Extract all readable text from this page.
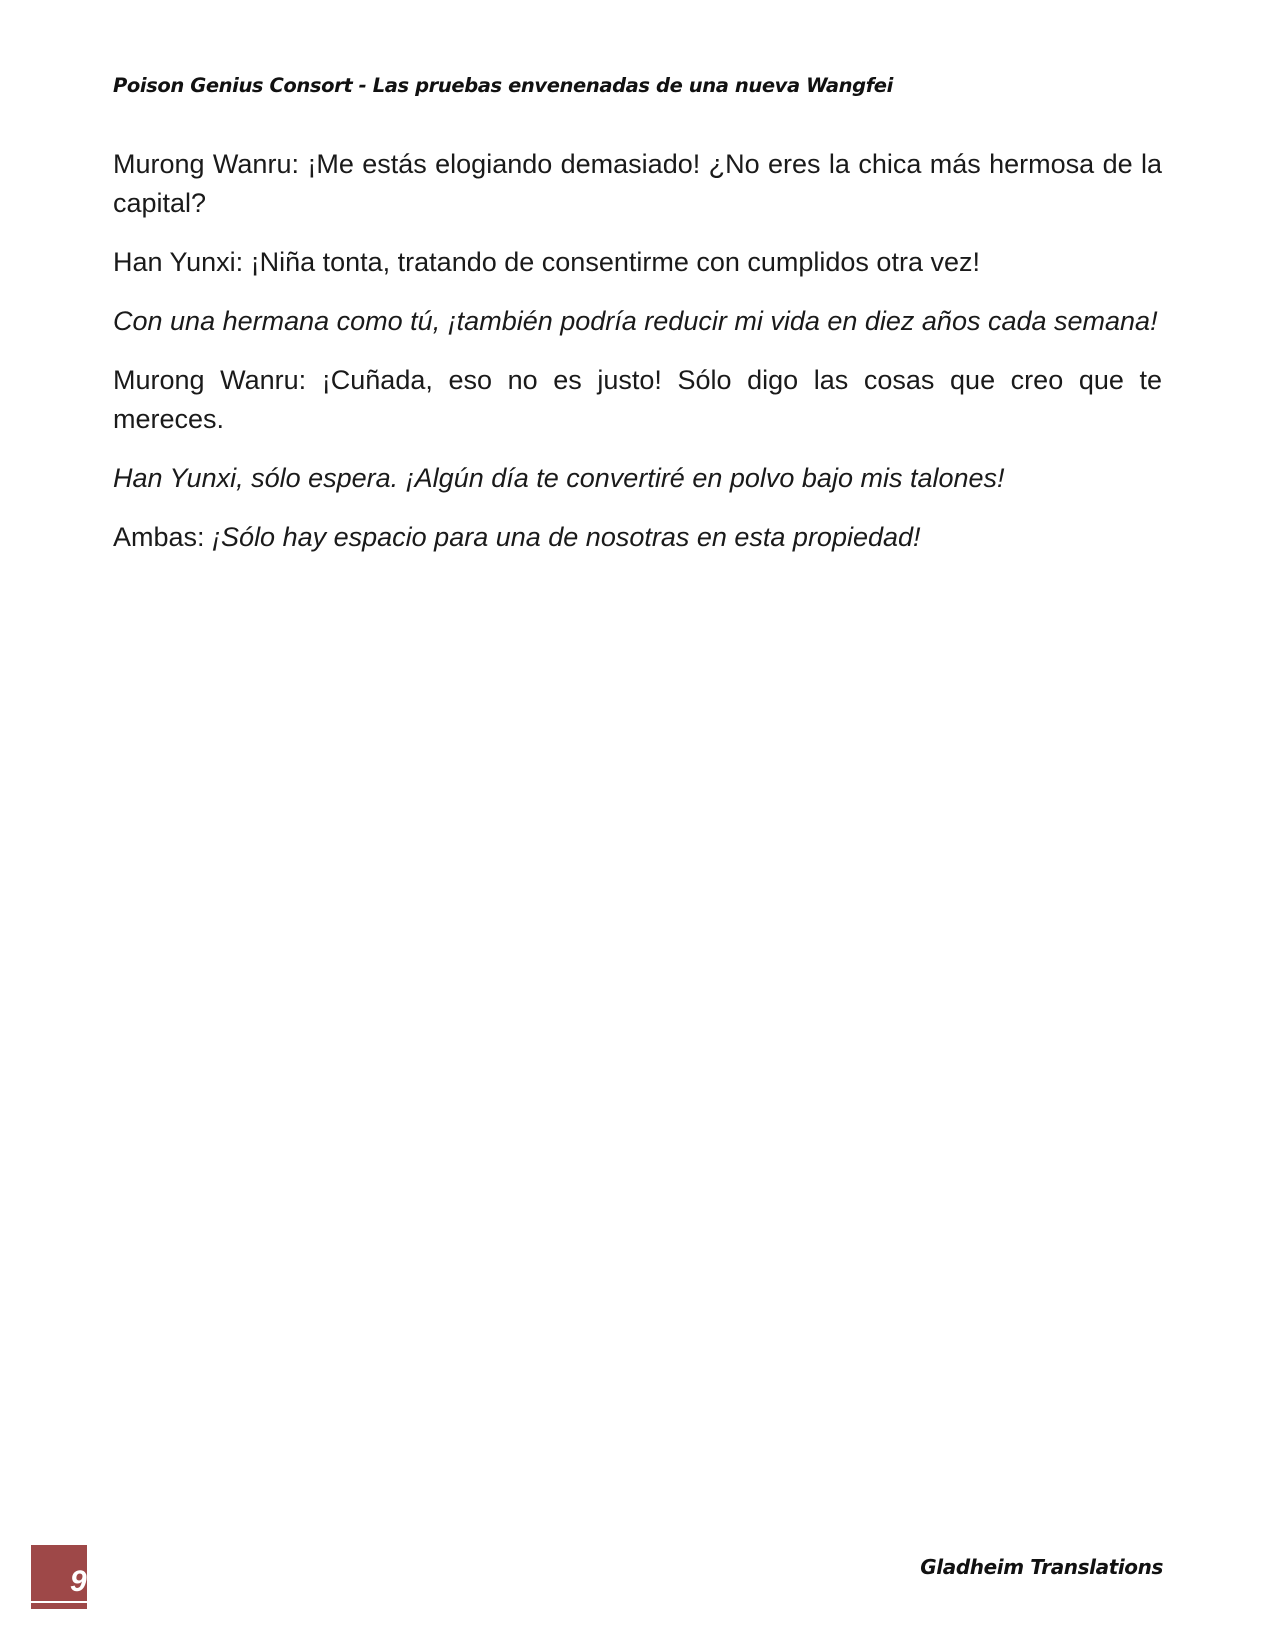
Poison Genius Consort - Las pruebas envenenadas de una nueva Wangfei

Murong Wanru: ¡Me estás elogiando demasiado! ¿No eres la chica más hermosa de la capital?

Han Yunxi: ¡Niña tonta, tratando de consentirme con cumplidos otra vez!

Con una hermana como tú, ¡también podría reducir mi vida en diez años cada semana!

Murong Wanru: ¡Cuñada, eso no es justo! Sólo digo las cosas que creo que te mereces.

Han Yunxi, sólo espera. ¡Algún día te convertiré en polvo bajo mis talones!

Ambas: ¡Sólo hay espacio para una de nosotras en esta propiedad!

9	Gladheim Translations
